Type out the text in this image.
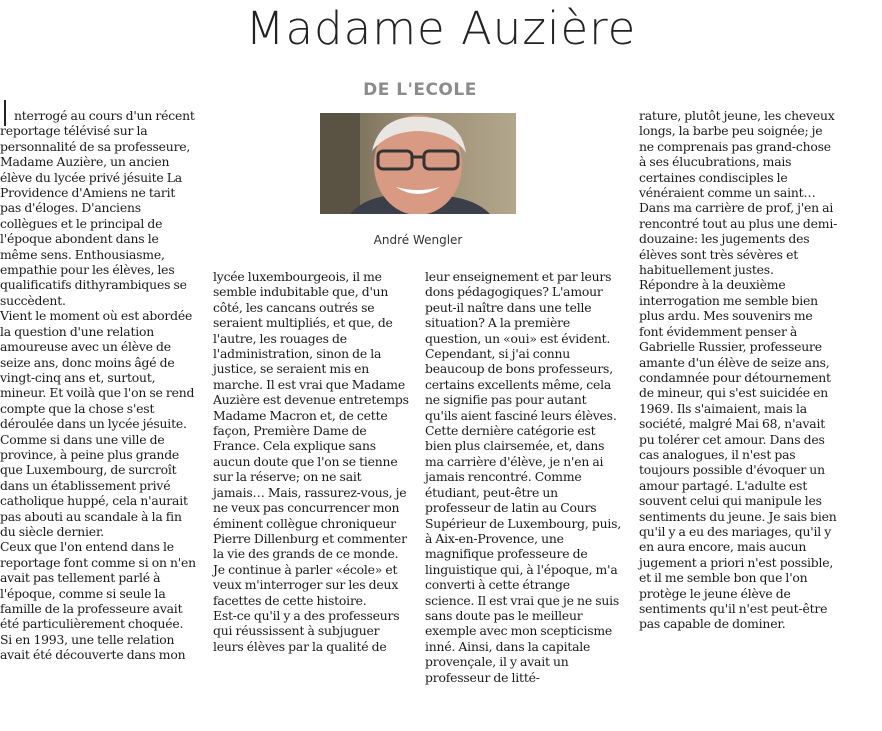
Madame Auzière
DE L'ECOLE
André Wengler

nterrogé au cours d'un récent reportage télévisé sur la personnalité de sa professeure, Madame Auzière, un ancien élève du lycée privé jésuite La Providence d'Amiens ne tarit pas d'éloges. D'anciens collègues et le principal de l'époque abondent dans le même sens. Enthousiasme, empathie pour les élèves, les qualificatifs dithyrambiques se succèdent.

Vient le moment où est abordée la question d'une relation amoureuse avec un élève de seize ans, donc moins âgé de vingt-cinq ans et, surtout, mineur. Et voilà que l'on se rend compte que la chose s'est déroulée dans un lycée jésuite. Comme si dans une ville de province, à peine plus grande que Luxembourg, de surcroît dans un établissement privé catholique huppé, cela n'aurait pas abouti au scandale à la fin du siècle dernier.

Ceux que l'on entend dans le reportage font comme si on n'en avait pas tellement parlé à l'époque, comme si seule la famille de la professeure avait été particulièrement choquée. Si en 1993, une telle relation avait été découverte dans mon

lycée luxembourgeois, il me semble indubitable que, d'un côté, les cancans outrés se seraient multipliés, et que, de l'autre, les rouages de l'administration, sinon de la justice, se seraient mis en marche. Il est vrai que Madame Auzière est devenue entretemps Madame Macron et, de cette façon, Première Dame de France. Cela explique sans aucun doute que l'on se tienne sur la réserve; on ne sait jamais… Mais, rassurez-vous, je ne veux pas concurrencer mon éminent collègue chroniqueur Pierre Dillenburg et commenter la vie des grands de ce monde. Je continue à parler «école» et veux m'interroger sur les deux facettes de cette histoire.

Est-ce qu'il y a des professeurs qui réussissent à subjuguer leurs élèves par la qualité de

leur enseignement et par leurs dons pédagogiques? L'amour peut-il naître dans une telle situation? A la première question, un «oui» est évident. Cependant, si j'ai connu beaucoup de bons professeurs, certains excellents même, cela ne signifie pas pour autant qu'ils aient fasciné leurs élèves.

Cette dernière catégorie est bien plus clairsemée, et, dans ma carrière d'élève, je n'en ai jamais rencontré. Comme étudiant, peut-être un professeur de latin au Cours Supérieur de Luxembourg, puis, à Aix-en-Provence, une magnifique professeure de linguistique qui, à l'époque, m'a converti à cette étrange science. Il est vrai que je ne suis sans doute pas le meilleur exemple avec mon scepticisme inné. Ainsi, dans la capitale provençale, il y avait un professeur de litté-

rature, plutôt jeune, les cheveux longs, la barbe peu soignée; je ne comprenais pas grand-chose à ses élucubrations, mais certaines condisciples le vénéraient comme un saint…

Dans ma carrière de prof, j'en ai rencontré tout au plus une demi-douzaine: les jugements des élèves sont très sévères et habituellement justes.

Répondre à la deuxième interrogation me semble bien plus ardu. Mes souvenirs me font évidemment penser à Gabrielle Russier, professeure amante d'un élève de seize ans, condamnée pour détournement de mineur, qui s'est suicidée en 1969. Ils s'aimaient, mais la société, malgré Mai 68, n'avait pu tolérer cet amour. Dans des cas analogues, il n'est pas toujours possible d'évoquer un amour partagé. L'adulte est souvent celui qui manipule les sentiments du jeune. Je sais bien qu'il y a eu des mariages, qu'il y en aura encore, mais aucun jugement a priori n'est possible, et il me semble bon que l'on protège le jeune élève de sentiments qu'il n'est peut-être pas capable de dominer.
